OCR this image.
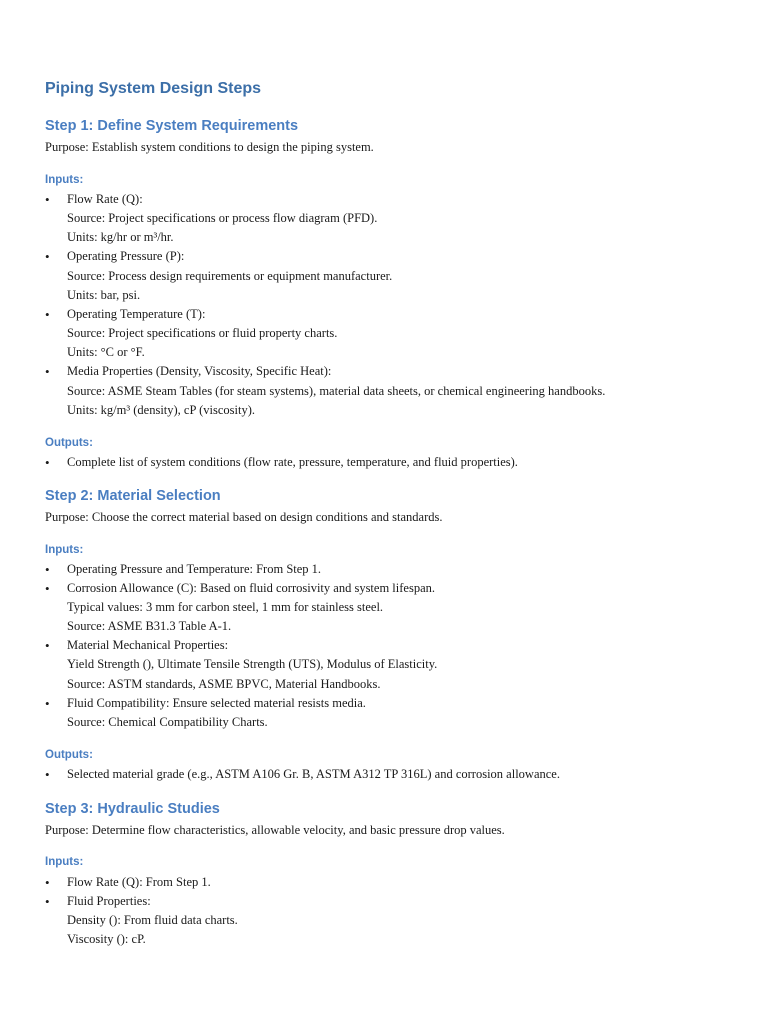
Piping System Design Steps
Step 1: Define System Requirements
Purpose: Establish system conditions to design the piping system.
Inputs:
• Flow Rate (Q):
Source: Project specifications or process flow diagram (PFD).
Units: kg/hr or m³/hr.
• Operating Pressure (P):
Source: Process design requirements or equipment manufacturer.
Units: bar, psi.
• Operating Temperature (T):
Source: Project specifications or fluid property charts.
Units: °C or °F.
• Media Properties (Density, Viscosity, Specific Heat):
Source: ASME Steam Tables (for steam systems), material data sheets, or chemical engineering handbooks.
Units: kg/m³ (density), cP (viscosity).
Outputs:
• Complete list of system conditions (flow rate, pressure, temperature, and fluid properties).
Step 2: Material Selection
Purpose: Choose the correct material based on design conditions and standards.
Inputs:
• Operating Pressure and Temperature: From Step 1.
• Corrosion Allowance (C): Based on fluid corrosivity and system lifespan.
Typical values: 3 mm for carbon steel, 1 mm for stainless steel.
Source: ASME B31.3 Table A-1.
• Material Mechanical Properties:
Yield Strength (), Ultimate Tensile Strength (UTS), Modulus of Elasticity.
Source: ASTM standards, ASME BPVC, Material Handbooks.
• Fluid Compatibility: Ensure selected material resists media.
Source: Chemical Compatibility Charts.
Outputs:
• Selected material grade (e.g., ASTM A106 Gr. B, ASTM A312 TP 316L) and corrosion allowance.
Step 3: Hydraulic Studies
Purpose: Determine flow characteristics, allowable velocity, and basic pressure drop values.
Inputs:
• Flow Rate (Q): From Step 1.
• Fluid Properties:
Density (): From fluid data charts.
Viscosity (): cP.
